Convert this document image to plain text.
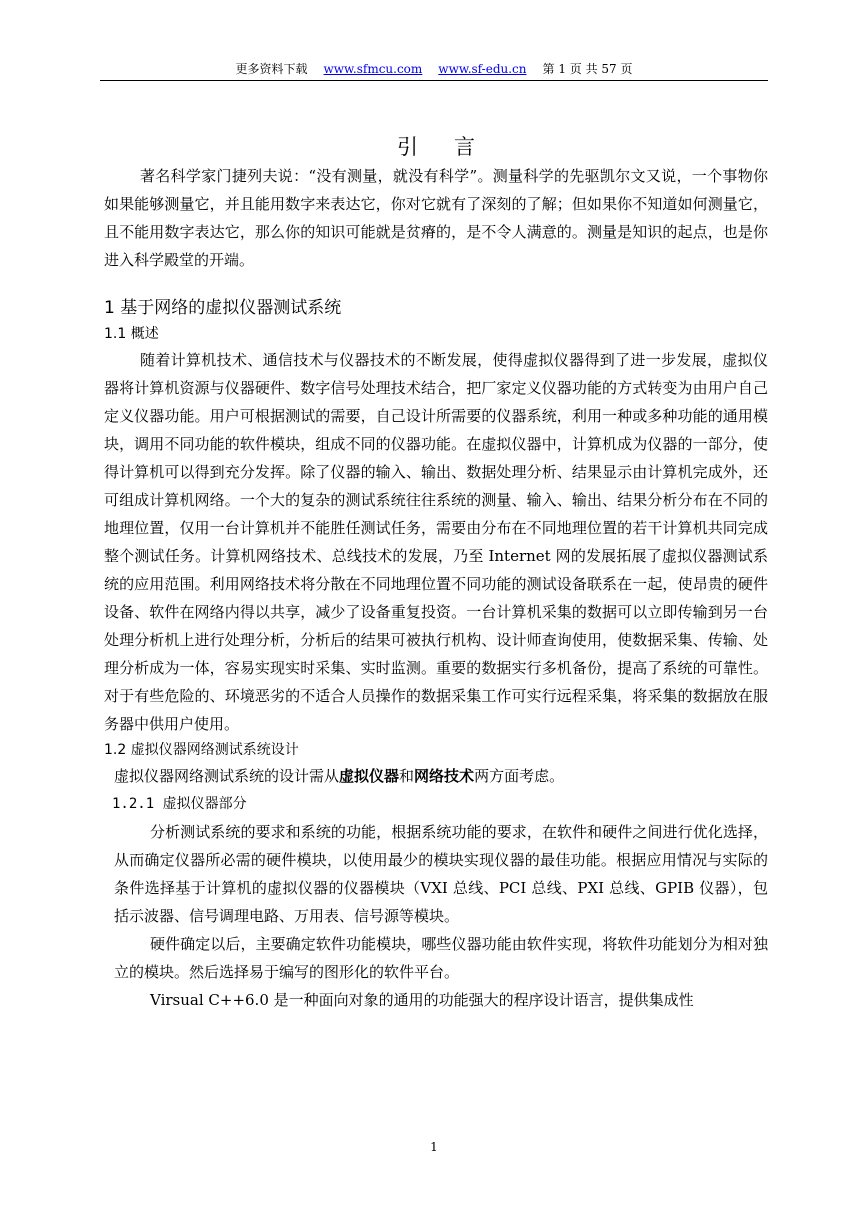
更多资料下载 www.sfmcu.com www.sf-edu.cn 第 1 页 共 57 页
引言

著名科学家门捷列夫说：“没有测量，就没有科学”。测量科学的先驱凯尔文又说，一个事物你如果能够测量它，并且能用数字来表达它，你对它就有了深刻的了解；但如果你不知道如何测量它，且不能用数字表达它，那么你的知识可能就是贫瘠的，是不令人满意的。测量是知识的起点，也是你进入科学殿堂的开端。

1 基于网络的虚拟仪器测试系统
1.1 概述

随着计算机技术、通信技术与仪器技术的不断发展，使得虚拟仪器得到了进一步发展，虚拟仪器将计算机资源与仪器硬件、数字信号处理技术结合，把厂家定义仪器功能的方式转变为由用户自己定义仪器功能。用户可根据测试的需要，自己设计所需要的仪器系统，利用一种或多种功能的通用模块，调用不同功能的软件模块，组成不同的仪器功能。在虚拟仪器中，计算机成为仪器的一部分，使得计算机可以得到充分发挥。除了仪器的输入、输出、数据处理分析、结果显示由计算机完成外，还可组成计算机网络。一个大的复杂的测试系统往往系统的测量、输入、输出、结果分析分布在不同的地理位置，仅用一台计算机并不能胜任测试任务，需要由分布在不同地理位置的若干计算机共同完成整个测试任务。计算机网络技术、总线技术的发展，乃至 Internet 网的发展拓展了虚拟仪器测试系统的应用范围。利用网络技术将分散在不同地理位置不同功能的测试设备联系在一起，使昂贵的硬件设备、软件在网络内得以共享，减少了设备重复投资。一台计算机采集的数据可以立即传输到另一台处理分析机上进行处理分析，分析后的结果可被执行机构、设计师查询使用，使数据采集、传输、处理分析成为一体，容易实现实时采集、实时监测。重要的数据实行多机备份，提高了系统的可靠性。对于有些危险的、环境恶劣的不适合人员操作的数据采集工作可实行远程采集，将采集的数据放在服务器中供用户使用。

1.2 虚拟仪器网络测试系统设计

虚拟仪器网络测试系统的设计需从虚拟仪器和网络技术两方面考虑。

1.2.1 虚拟仪器部分

分析测试系统的要求和系统的功能，根据系统功能的要求，在软件和硬件之间进行优化选择，从而确定仪器所必需的硬件模块，以使用最少的模块实现仪器的最佳功能。根据应用情况与实际的条件选择基于计算机的虚拟仪器的仪器模块（VXI 总线、PCI 总线、PXI 总线、GPIB 仪器），包括示波器、信号调理电路、万用表、信号源等模块。

硬件确定以后，主要确定软件功能模块，哪些仪器功能由软件实现，将软件功能划分为相对独立的模块。然后选择易于编写的图形化的软件平台。

Virsual C++6.0 是一种面向对象的通用的功能强大的程序设计语言，提供集成性

1
